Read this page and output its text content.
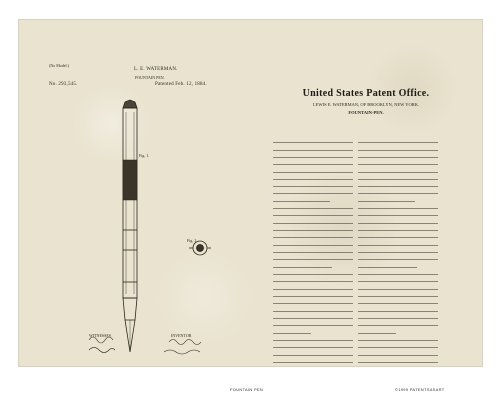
(No Model.)
L. E. WATERMAN.
FOUNTAIN PEN.
No. 293,545.	Patented Feb. 12, 1884.
Fig. 1.
Fig. 2.
WITNESSES	INVENTOR
United States Patent Office.
LEWIS E. WATERMAN, OF BROOKLYN, NEW YORK.
FOUNTAIN-PEN.
FOUNTAIN PEN	©1999 PATENTSASART
